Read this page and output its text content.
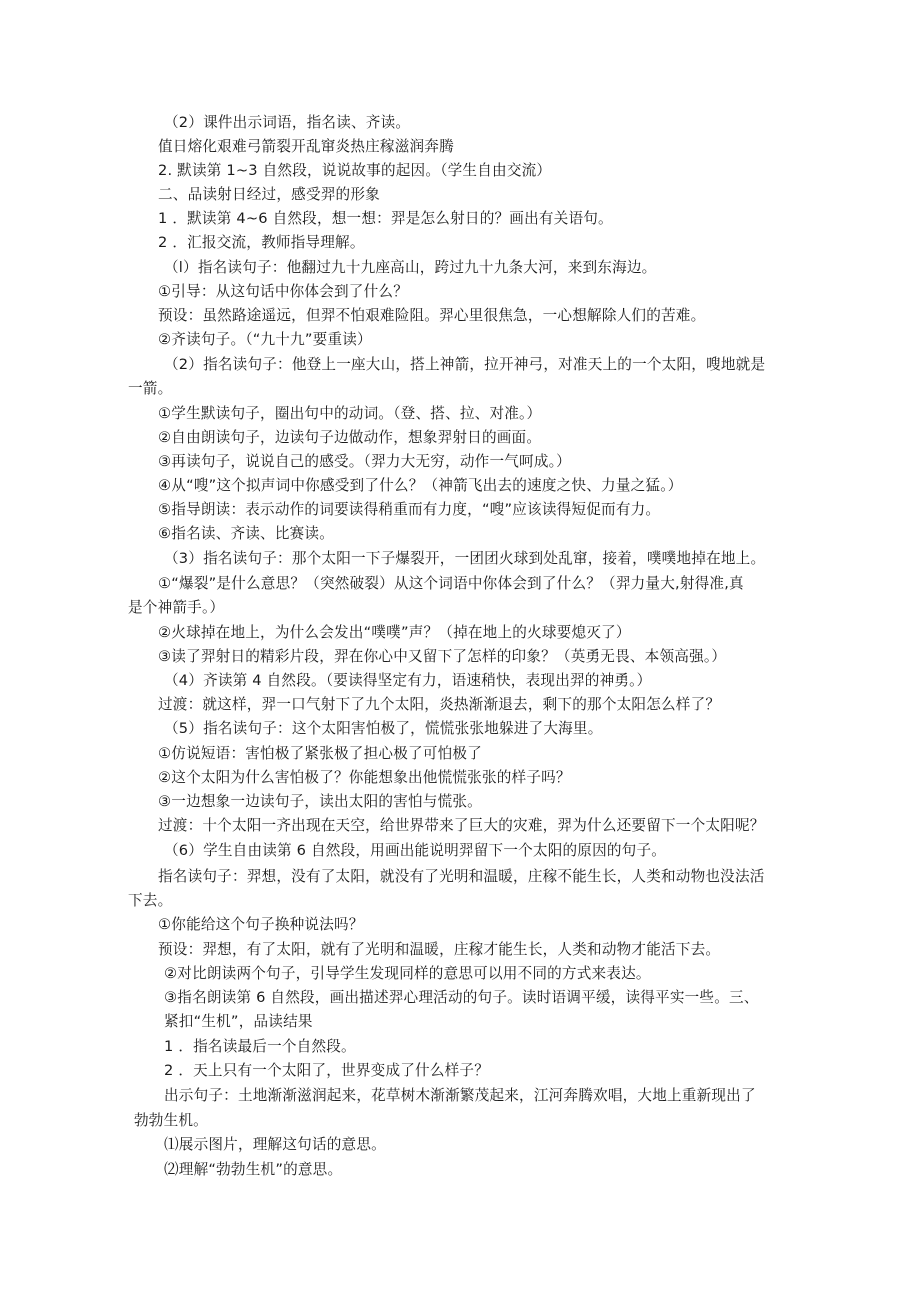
（2）课件出示词语，指名读、齐读。
值日熔化艰难弓箭裂开乱窜炎热庄稼滋润奔腾
2. 默读第 1~3 自然段，说说故事的起因。（学生自由交流）
二、品读射日经过，感受羿的形象
1 ．默读第 4~6 自然段，想一想：羿是怎么射日的？画出有关语句。
2 ．汇报交流，教师指导理解。
（l）指名读句子：他翻过九十九座高山，跨过九十九条大河，来到东海边。
①引导：从这句话中你体会到了什么？
预设：虽然路途遥远，但羿不怕艰难险阻。羿心里很焦急，一心想解除人们的苦难。
②齐读句子。（“九十九”要重读）
（2）指名读句子：他登上一座大山，搭上神箭，拉开神弓，对准天上的一个太阳，嗖地就是
一箭。
①学生默读句子，圈出句中的动词。（登、搭、拉、对准。）
②自由朗读句子，边读句子边做动作，想象羿射日的画面。
③再读句子，说说自己的感受。（羿力大无穷，动作一气呵成。）
④从“嗖”这个拟声词中你感受到了什么？（神箭飞出去的速度之快、力量之猛。）
⑤指导朗读：表示动作的词要读得稍重而有力度，“嗖”应该读得短促而有力。
⑥指名读、齐读、比赛读。
（3）指名读句子：那个太阳一下子爆裂开，一团团火球到处乱窜，接着，噗噗地掉在地上。
①“爆裂”是什么意思？（突然破裂）从这个词语中你体会到了什么？（羿力量大,射得准,真
是个神箭手。）
②火球掉在地上，为什么会发出“噗噗”声？（掉在地上的火球要熄灭了）
③读了羿射日的精彩片段，羿在你心中又留下了怎样的印象？（英勇无畏、本领高强。）
（4）齐读第 4 自然段。（要读得坚定有力，语速稍快，表现出羿的神勇。）
过渡：就这样，羿一口气射下了九个太阳，炎热渐渐退去，剩下的那个太阳怎么样了？
（5）指名读句子：这个太阳害怕极了，慌慌张张地躲进了大海里。
①仿说短语：害怕极了紧张极了担心极了可怕极了
②这个太阳为什么害怕极了？你能想象出他慌慌张张的样子吗？
③一边想象一边读句子，读出太阳的害怕与慌张。
过渡：十个太阳一齐出现在天空，给世界带来了巨大的灾难，羿为什么还要留下一个太阳呢？
（6）学生自由读第 6 自然段，用画出能说明羿留下一个太阳的原因的句子。
指名读句子：羿想，没有了太阳，就没有了光明和温暖，庄稼不能生长，人类和动物也没法活
下去。
①你能给这个句子换种说法吗？
预设：羿想，有了太阳，就有了光明和温暖，庄稼才能生长，人类和动物才能活下去。
②对比朗读两个句子，引导学生发现同样的意思可以用不同的方式来表达。
③指名朗读第 6 自然段，画出描述羿心理活动的句子。读时语调平缓，读得平实一些。三、
紧扣“生机”，品读结果
1 ．指名读最后一个自然段。
2 ．天上只有一个太阳了，世界变成了什么样子？
出示句子：土地渐渐滋润起来，花草树木渐渐繁茂起来，江河奔腾欢唱，大地上重新现出了
勃勃生机。
⑴展示图片，理解这句话的意思。
⑵理解“勃勃生机”的意思。
